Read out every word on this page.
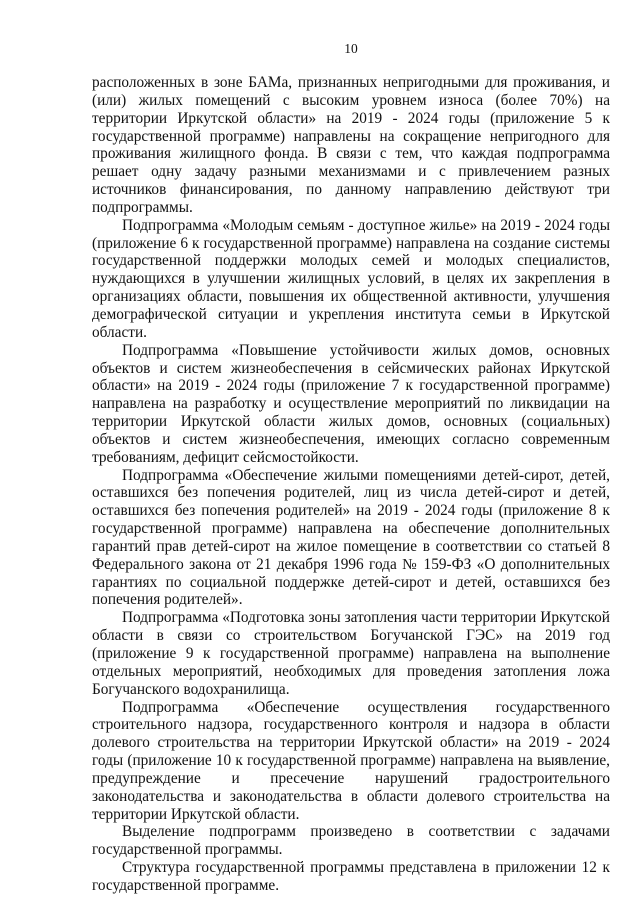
10

расположенных в зоне БАМа, признанных непригодными для проживания, и (или) жилых помещений с высоким уровнем износа (более 70%) на территории Иркутской области» на 2019 - 2024 годы (приложение 5 к государственной программе) направлены на сокращение непригодного для проживания жилищного фонда. В связи с тем, что каждая подпрограмма решает одну задачу разными механизмами и с привлечением разных источников финансирования, по данному направлению действуют три подпрограммы.

Подпрограмма «Молодым семьям - доступное жилье» на 2019 - 2024 годы (приложение 6 к государственной программе) направлена на создание системы государственной поддержки молодых семей и молодых специалистов, нуждающихся в улучшении жилищных условий, в целях их закрепления в организациях области, повышения их общественной активности, улучшения демографической ситуации и укрепления института семьи в Иркутской области.

Подпрограмма «Повышение устойчивости жилых домов, основных объектов и систем жизнеобеспечения в сейсмических районах Иркутской области» на 2019 - 2024 годы (приложение 7 к государственной программе) направлена на разработку и осуществление мероприятий по ликвидации на территории Иркутской области жилых домов, основных (социальных) объектов и систем жизнеобеспечения, имеющих согласно современным требованиям, дефицит сейсмостойкости.

Подпрограмма «Обеспечение жилыми помещениями детей-сирот, детей, оставшихся без попечения родителей, лиц из числа детей-сирот и детей, оставшихся без попечения родителей» на 2019 - 2024 годы (приложение 8 к государственной программе) направлена на обеспечение дополнительных гарантий прав детей-сирот на жилое помещение в соответствии со статьей 8 Федерального закона от 21 декабря 1996 года № 159-ФЗ «О дополнительных гарантиях по социальной поддержке детей-сирот и детей, оставшихся без попечения родителей».

Подпрограмма «Подготовка зоны затопления части территории Иркутской области в связи со строительством Богучанской ГЭС» на 2019 год (приложение 9 к государственной программе) направлена на выполнение отдельных мероприятий, необходимых для проведения затопления ложа Богучанского водохранилища.

Подпрограмма «Обеспечение осуществления государственного строительного надзора, государственного контроля и надзора в области долевого строительства на территории Иркутской области» на 2019 - 2024 годы (приложение 10 к государственной программе) направлена на выявление, предупреждение и пресечение нарушений градостроительного законодательства и законодательства в области долевого строительства на территории Иркутской области.

Выделение подпрограмм произведено в соответствии с задачами государственной программы.

Структура государственной программы представлена в приложении 12 к государственной программе.
